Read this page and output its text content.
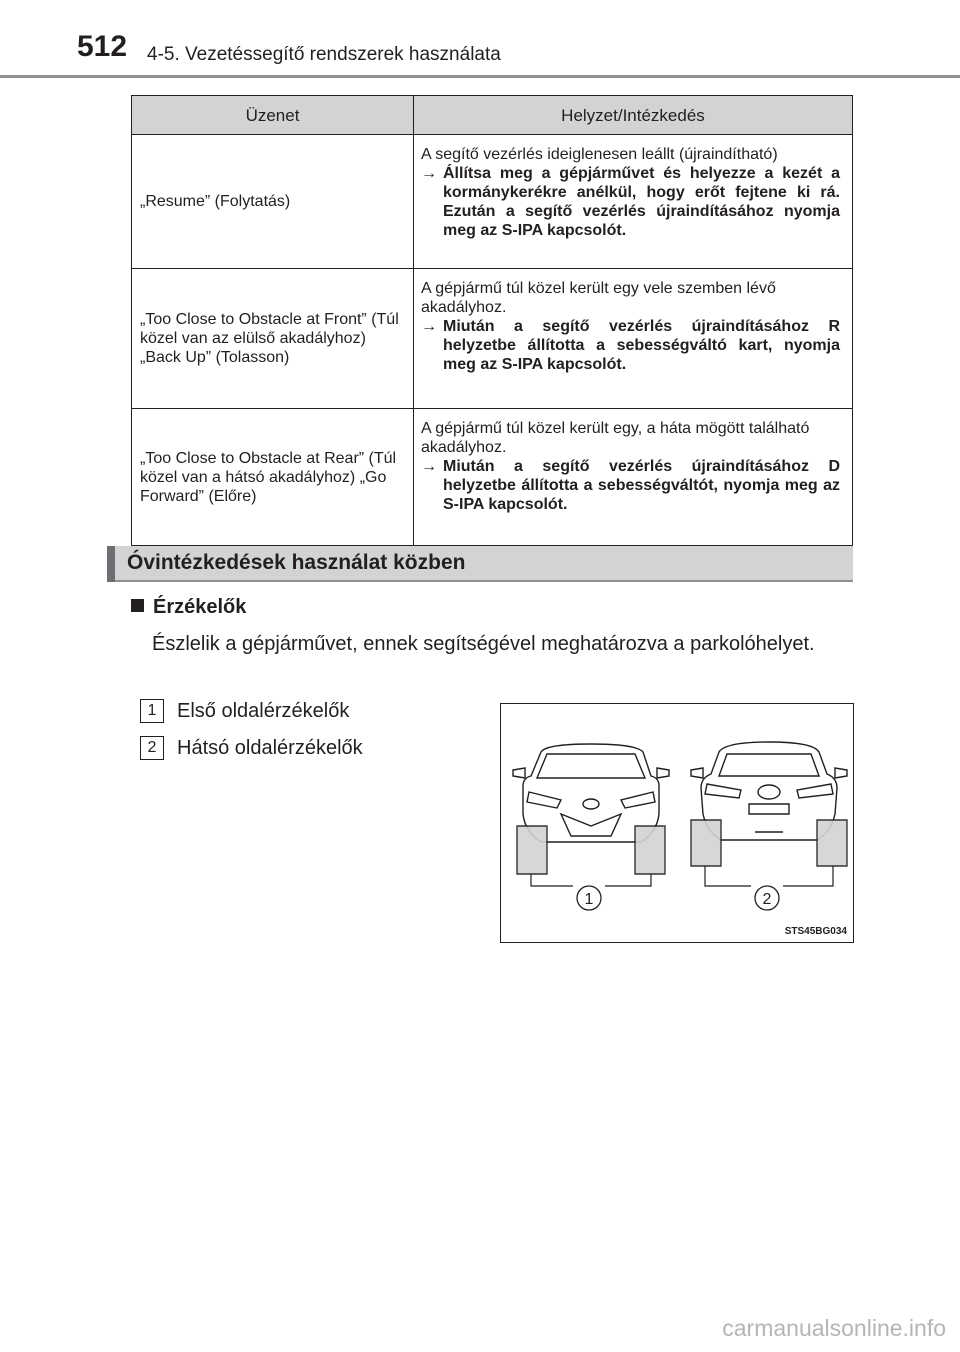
512 4-5. Vezetéssegítő rendszerek használata
Üzenet	Helyzet/Intézkedés
„Resume” (Folytatás)	A segítő vezérlés ideiglenesen leállt (újraindítható)

→ Állítsa meg a gépjárművet és helyezze a kezét a kormánykerékre anélkül, hogy erőt fejtene ki rá. Ezután a segítő vezérlés újraindításához nyomja meg az S-IPA kapcsolót.

„Too Close to Obstacle at Front” (Túl közel van az elülső akadályhoz) „Back Up” (Tolasson)	A gépjármű túl közel került egy vele szemben lévő akadályhoz.

→ Miután a segítő vezérlés újraindításához R helyzetbe állította a sebességváltó kart, nyomja meg az S-IPA kapcsolót.

„Too Close to Obstacle at Rear” (Túl közel van a hátsó akadályhoz) „Go Forward” (Előre)	A gépjármű túl közel került egy, a háta mögött található akadályhoz.

→ Miután a segítő vezérlés újraindításához D helyzetbe állította a sebességváltót, nyomja meg az S-IPA kapcsolót.
Óvintézkedések használat közben
Érzékelők
Észlelik a gépjárművet, ennek segítségével meghatározva a parkolóhelyet.
1 Első oldalérzékelők
2 Hátsó oldalérzékelők
1	2
STS45BG034
carmanualsonline.info
